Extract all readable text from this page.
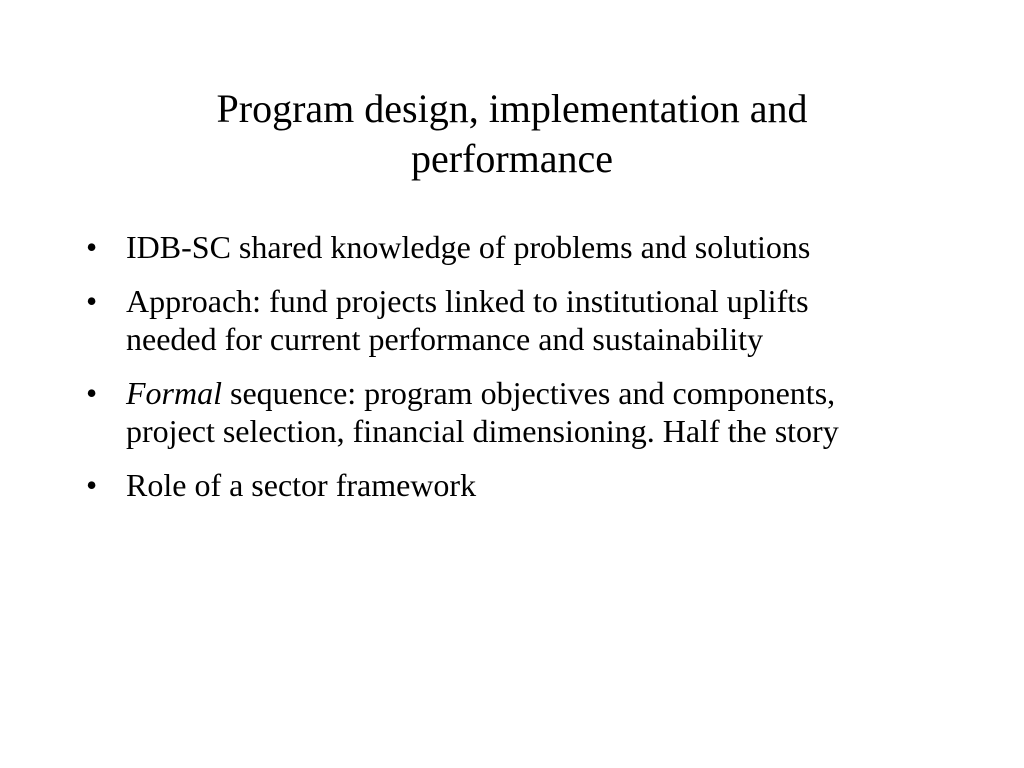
Program design, implementation and
performance
• IDB-SC shared knowledge of problems and solutions
• Approach: fund projects linked to institutional uplifts needed for current performance and sustainability
• Formal sequence: program objectives and components, project selection, financial dimensioning. Half the story
• Role of a sector framework
